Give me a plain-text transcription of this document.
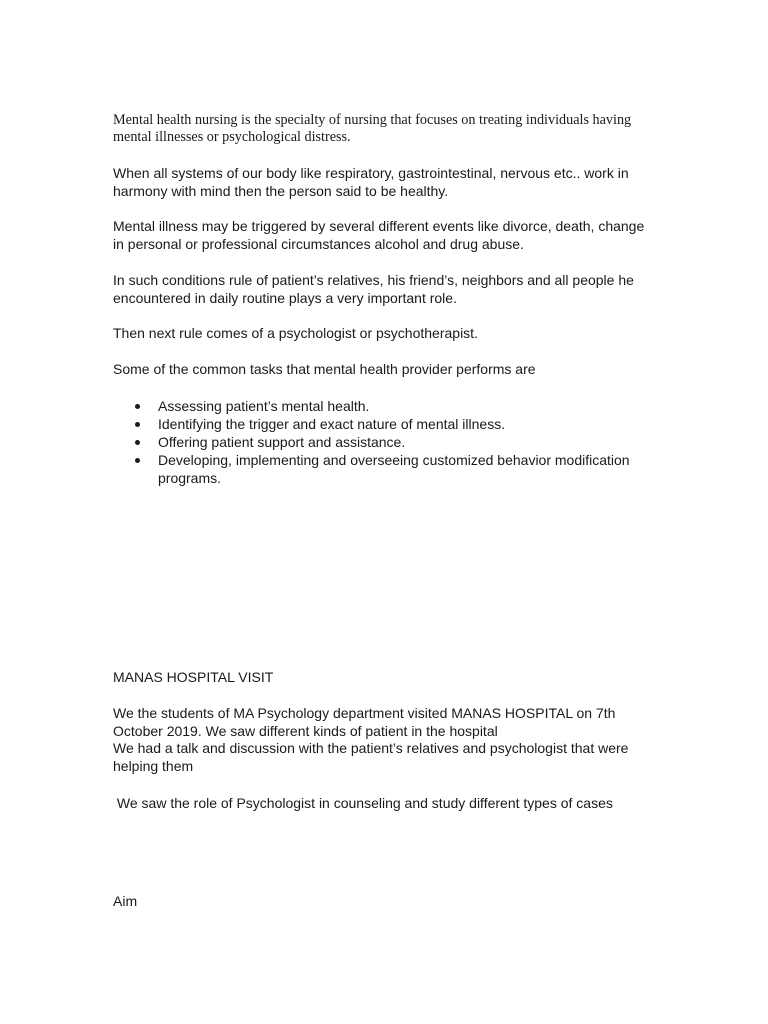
Mental health nursing is the specialty of nursing that focuses on treating individuals having mental illnesses or psychological distress.

When all systems of our body like respiratory, gastrointestinal, nervous etc.. work in harmony with mind then the person said to be healthy.

Mental illness may be triggered by several different events like divorce, death, change in personal or professional circumstances alcohol and drug abuse.

In such conditions rule of patient’s relatives, his friend’s, neighbors and all people he encountered in daily routine plays a very important role.

Then next rule comes of a psychologist or psychotherapist.

Some of the common tasks that mental health provider performs are

Assessing patient’s mental health.
Identifying the trigger and exact nature of mental illness.
Offering patient support and assistance.
Developing, implementing and overseeing customized behavior modification programs.

MANAS HOSPITAL VISIT

We the students of MA Psychology department visited MANAS HOSPITAL on 7th October 2019. We saw different kinds of patient in the hospital

We had a talk and discussion with the patient’s relatives and psychologist that were helping them

We saw the role of Psychologist in counseling and study different types of cases

Aim
